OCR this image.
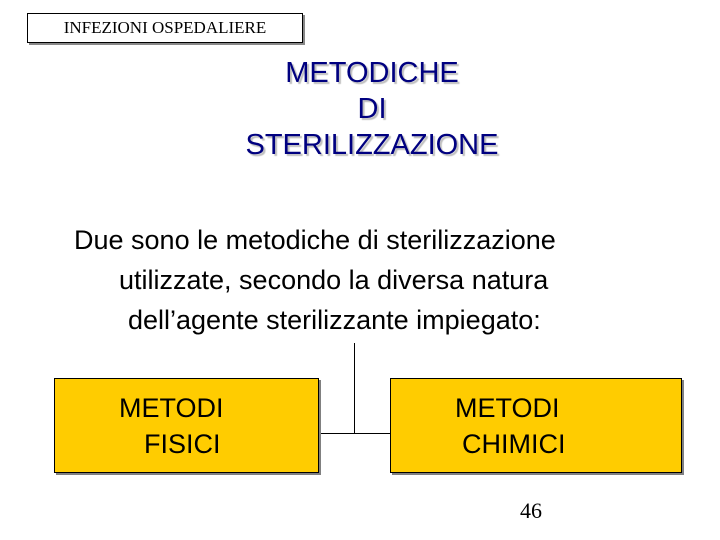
INFEZIONI OSPEDALIERE
METODICHE
DI
STERILIZZAZIONE
Due sono le metodiche di sterilizzazione
utilizzate, secondo la diversa natura
dell’agente sterilizzante impiegato:
METODI
FISICI
METODI
CHIMICI
46
